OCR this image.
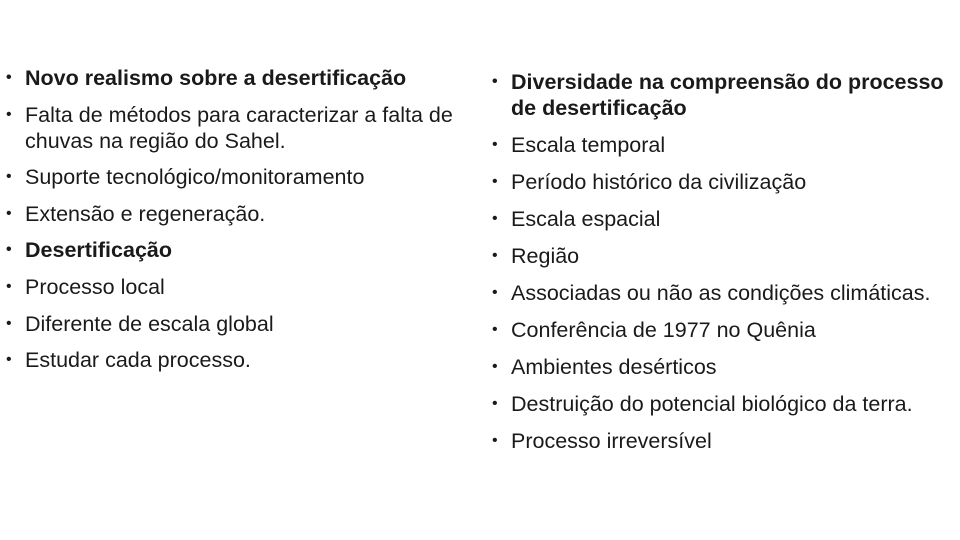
• Novo realismo sobre a desertificação
• Falta de métodos para caracterizar a falta de chuvas na região do Sahel.
• Suporte tecnológico/monitoramento
• Extensão e regeneração.
• Desertificação
• Processo local
• Diferente de escala global
• Estudar cada processo.
• Diversidade na compreensão do processo de desertificação
• Escala temporal
• Período histórico da civilização
• Escala espacial
• Região
• Associadas ou não as condições climáticas.
• Conferência de 1977 no Quênia
• Ambientes desérticos
• Destruição do potencial biológico da terra.
• Processo irreversível
